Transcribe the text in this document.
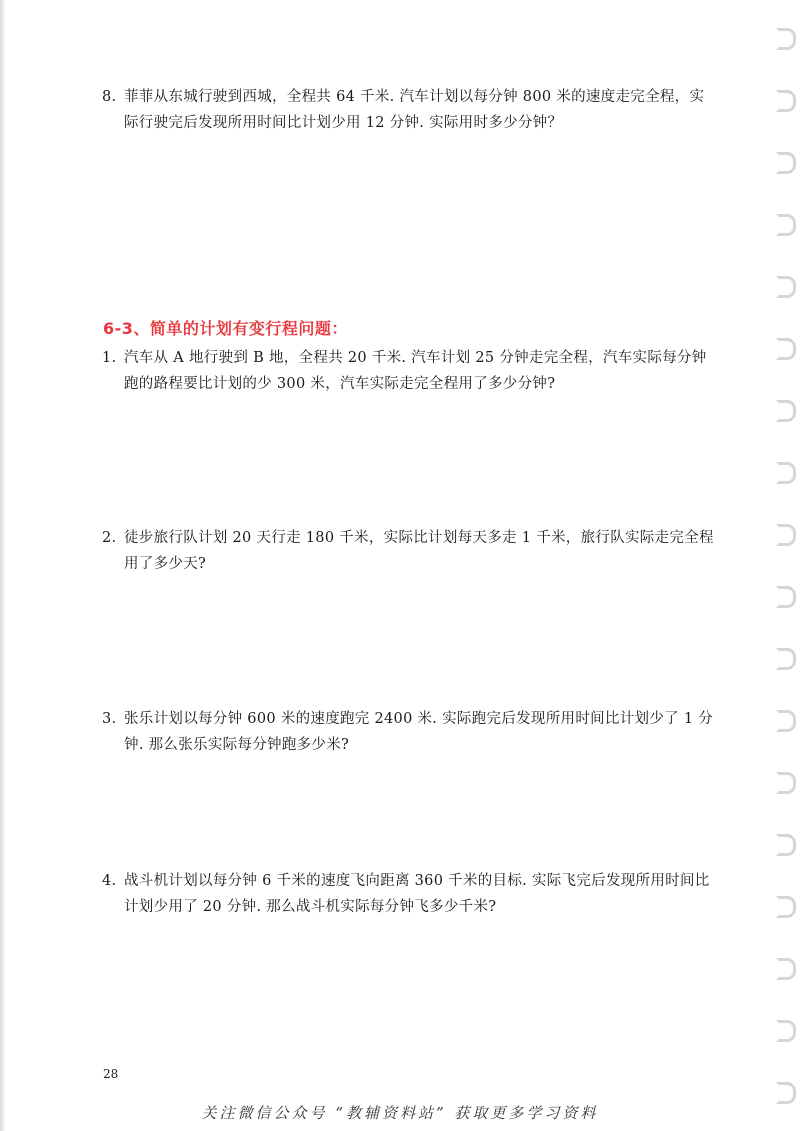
8. 菲菲从东城行驶到西城，全程共 64 千米. 汽车计划以每分钟 800 米的速度走完全程，实
际行驶完后发现所用时间比计划少用 12 分钟. 实际用时多少分钟？
6-3、简单的计划有变行程问题：
1. 汽车从 A 地行驶到 B 地，全程共 20 千米. 汽车计划 25 分钟走完全程，汽车实际每分钟
跑的路程要比计划的少 300 米，汽车实际走完全程用了多少分钟?
2. 徒步旅行队计划 20 天行走 180 千米，实际比计划每天多走 1 千米，旅行队实际走完全程
用了多少天?
3. 张乐计划以每分钟 600 米的速度跑完 2400 米. 实际跑完后发现所用时间比计划少了 1 分
钟. 那么张乐实际每分钟跑多少米?
4. 战斗机计划以每分钟 6 千米的速度飞向距离 360 千米的目标. 实际飞完后发现所用时间比
计划少用了 20 分钟. 那么战斗机实际每分钟飞多少千米?
28
关注微信公众号 “教辅资料站” 获取更多学习资料
